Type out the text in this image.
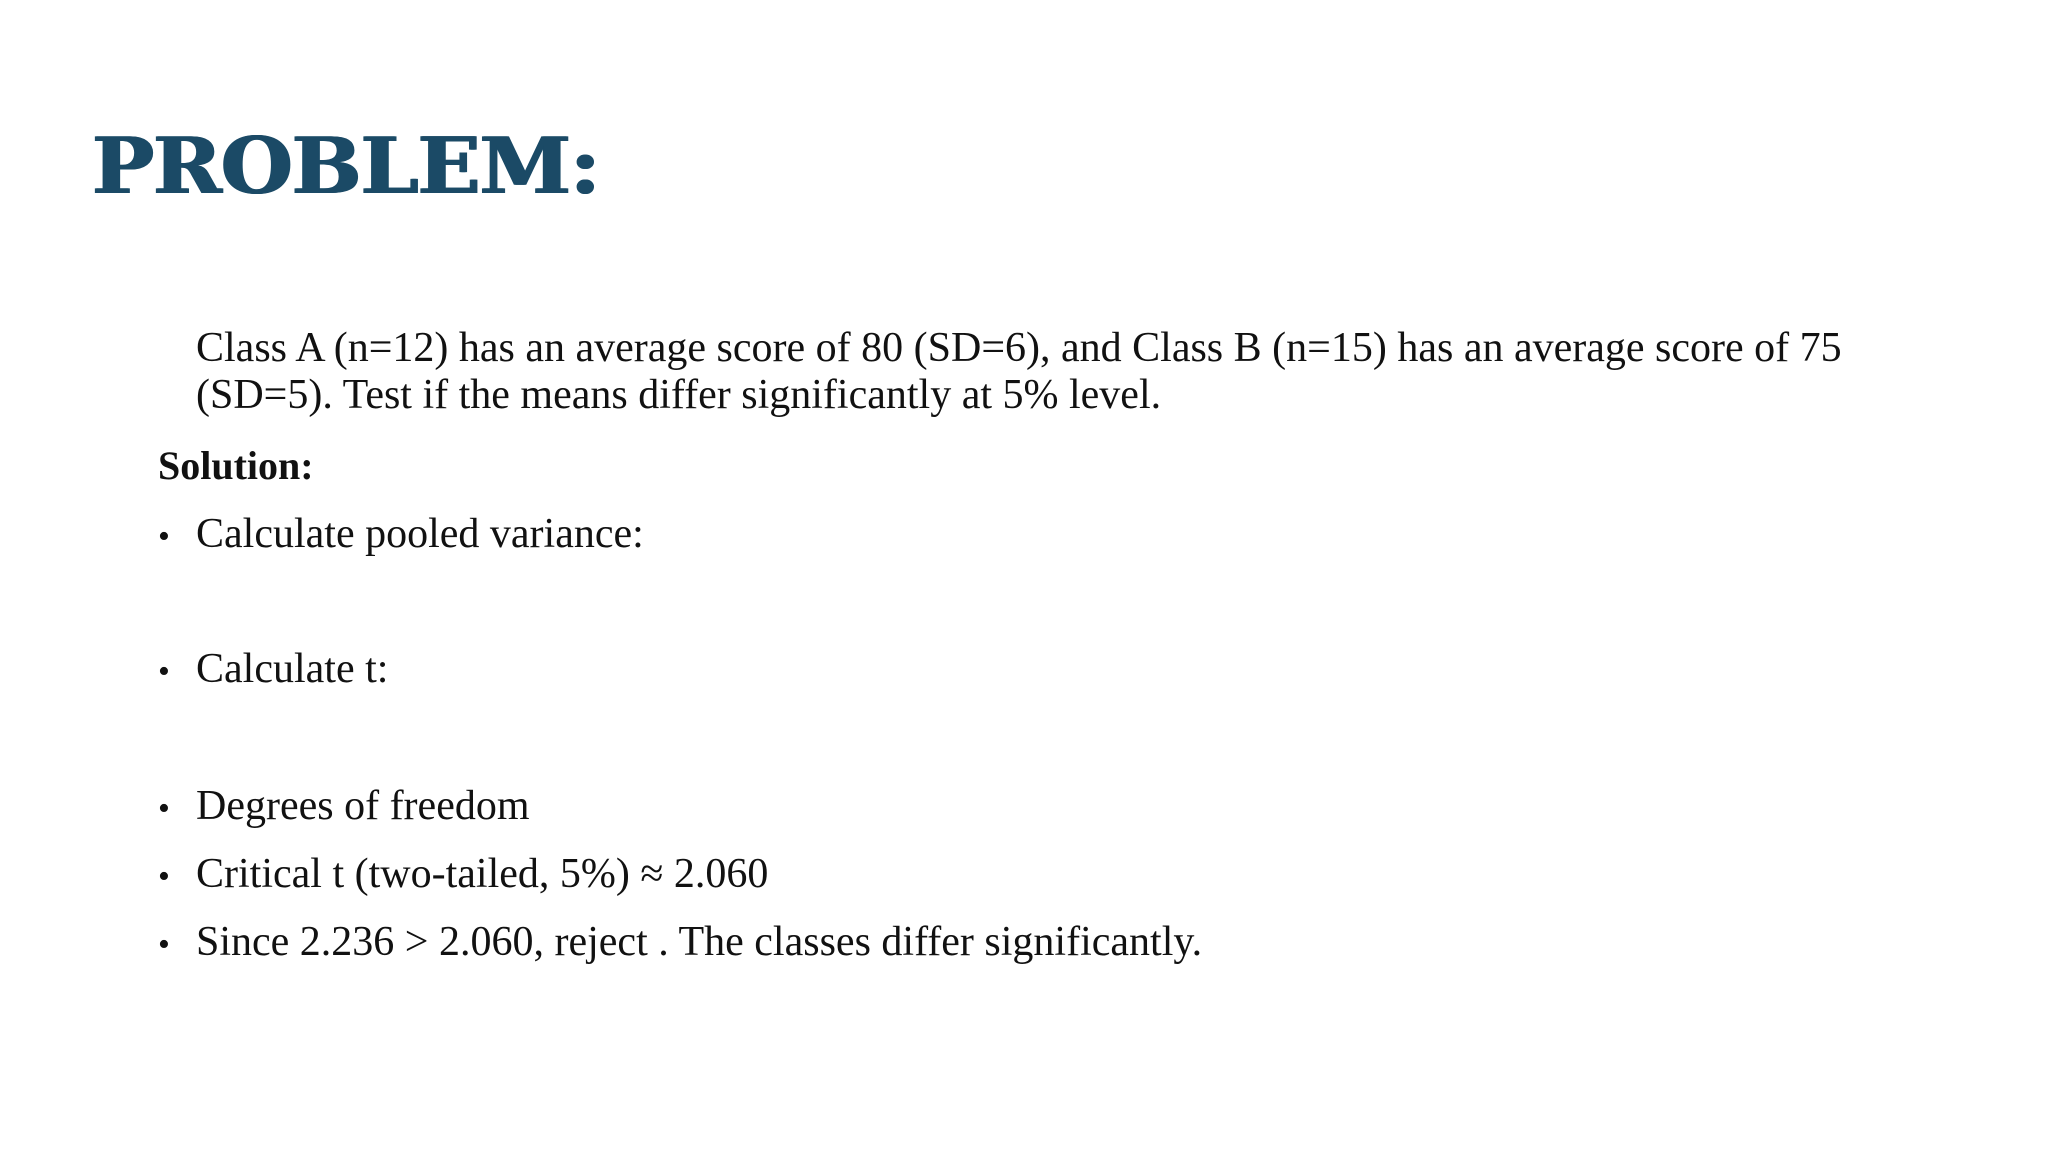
PROBLEM:

Class A (n=12) has an average score of 80 (SD=6), and Class B (n=15) has an average score of 75 (SD=5). Test if the means differ significantly at 5% level.

Solution:

• Calculate pooled variance:
• Calculate t:
• Degrees of freedom
• Critical t (two-tailed, 5%) ≈ 2.060
• Since 2.236 > 2.060, reject . The classes differ significantly.
